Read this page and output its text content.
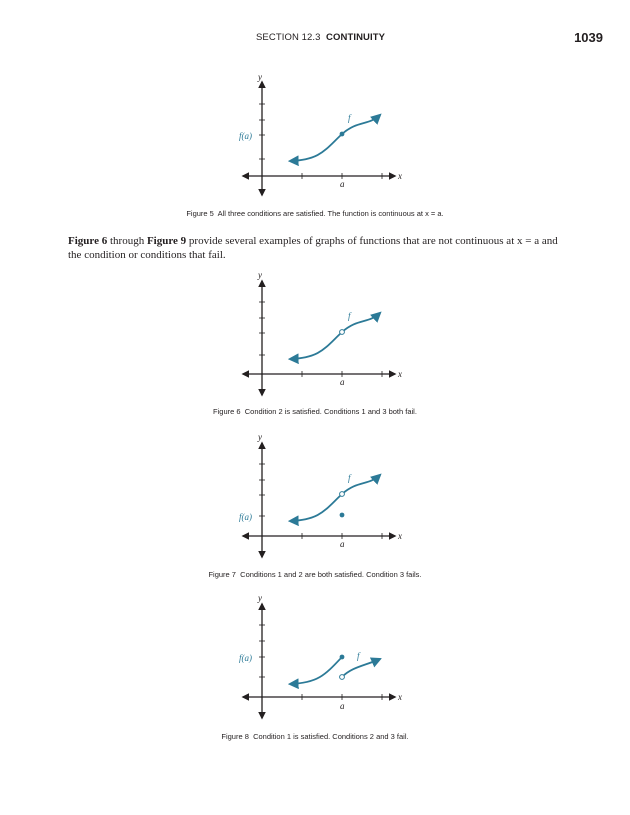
SECTION 12.3 CONTINUITY	1039
y
x
a
f
f(a)
Figure 5 All three conditions are satisfied. The function is continuous at x = a.
Figure 6 through Figure 9 provide several examples of graphs of functions that are not continuous at x = a and the condition or conditions that fail.
y
x
a
f
Figure 6 Condition 2 is satisfied. Conditions 1 and 3 both fail.
y
x
a
f
f(a)
Figure 7 Conditions 1 and 2 are both satisfied. Condition 3 fails.
y
x
a
f
f(a)
Figure 8 Condition 1 is satisfied. Conditions 2 and 3 fail.
